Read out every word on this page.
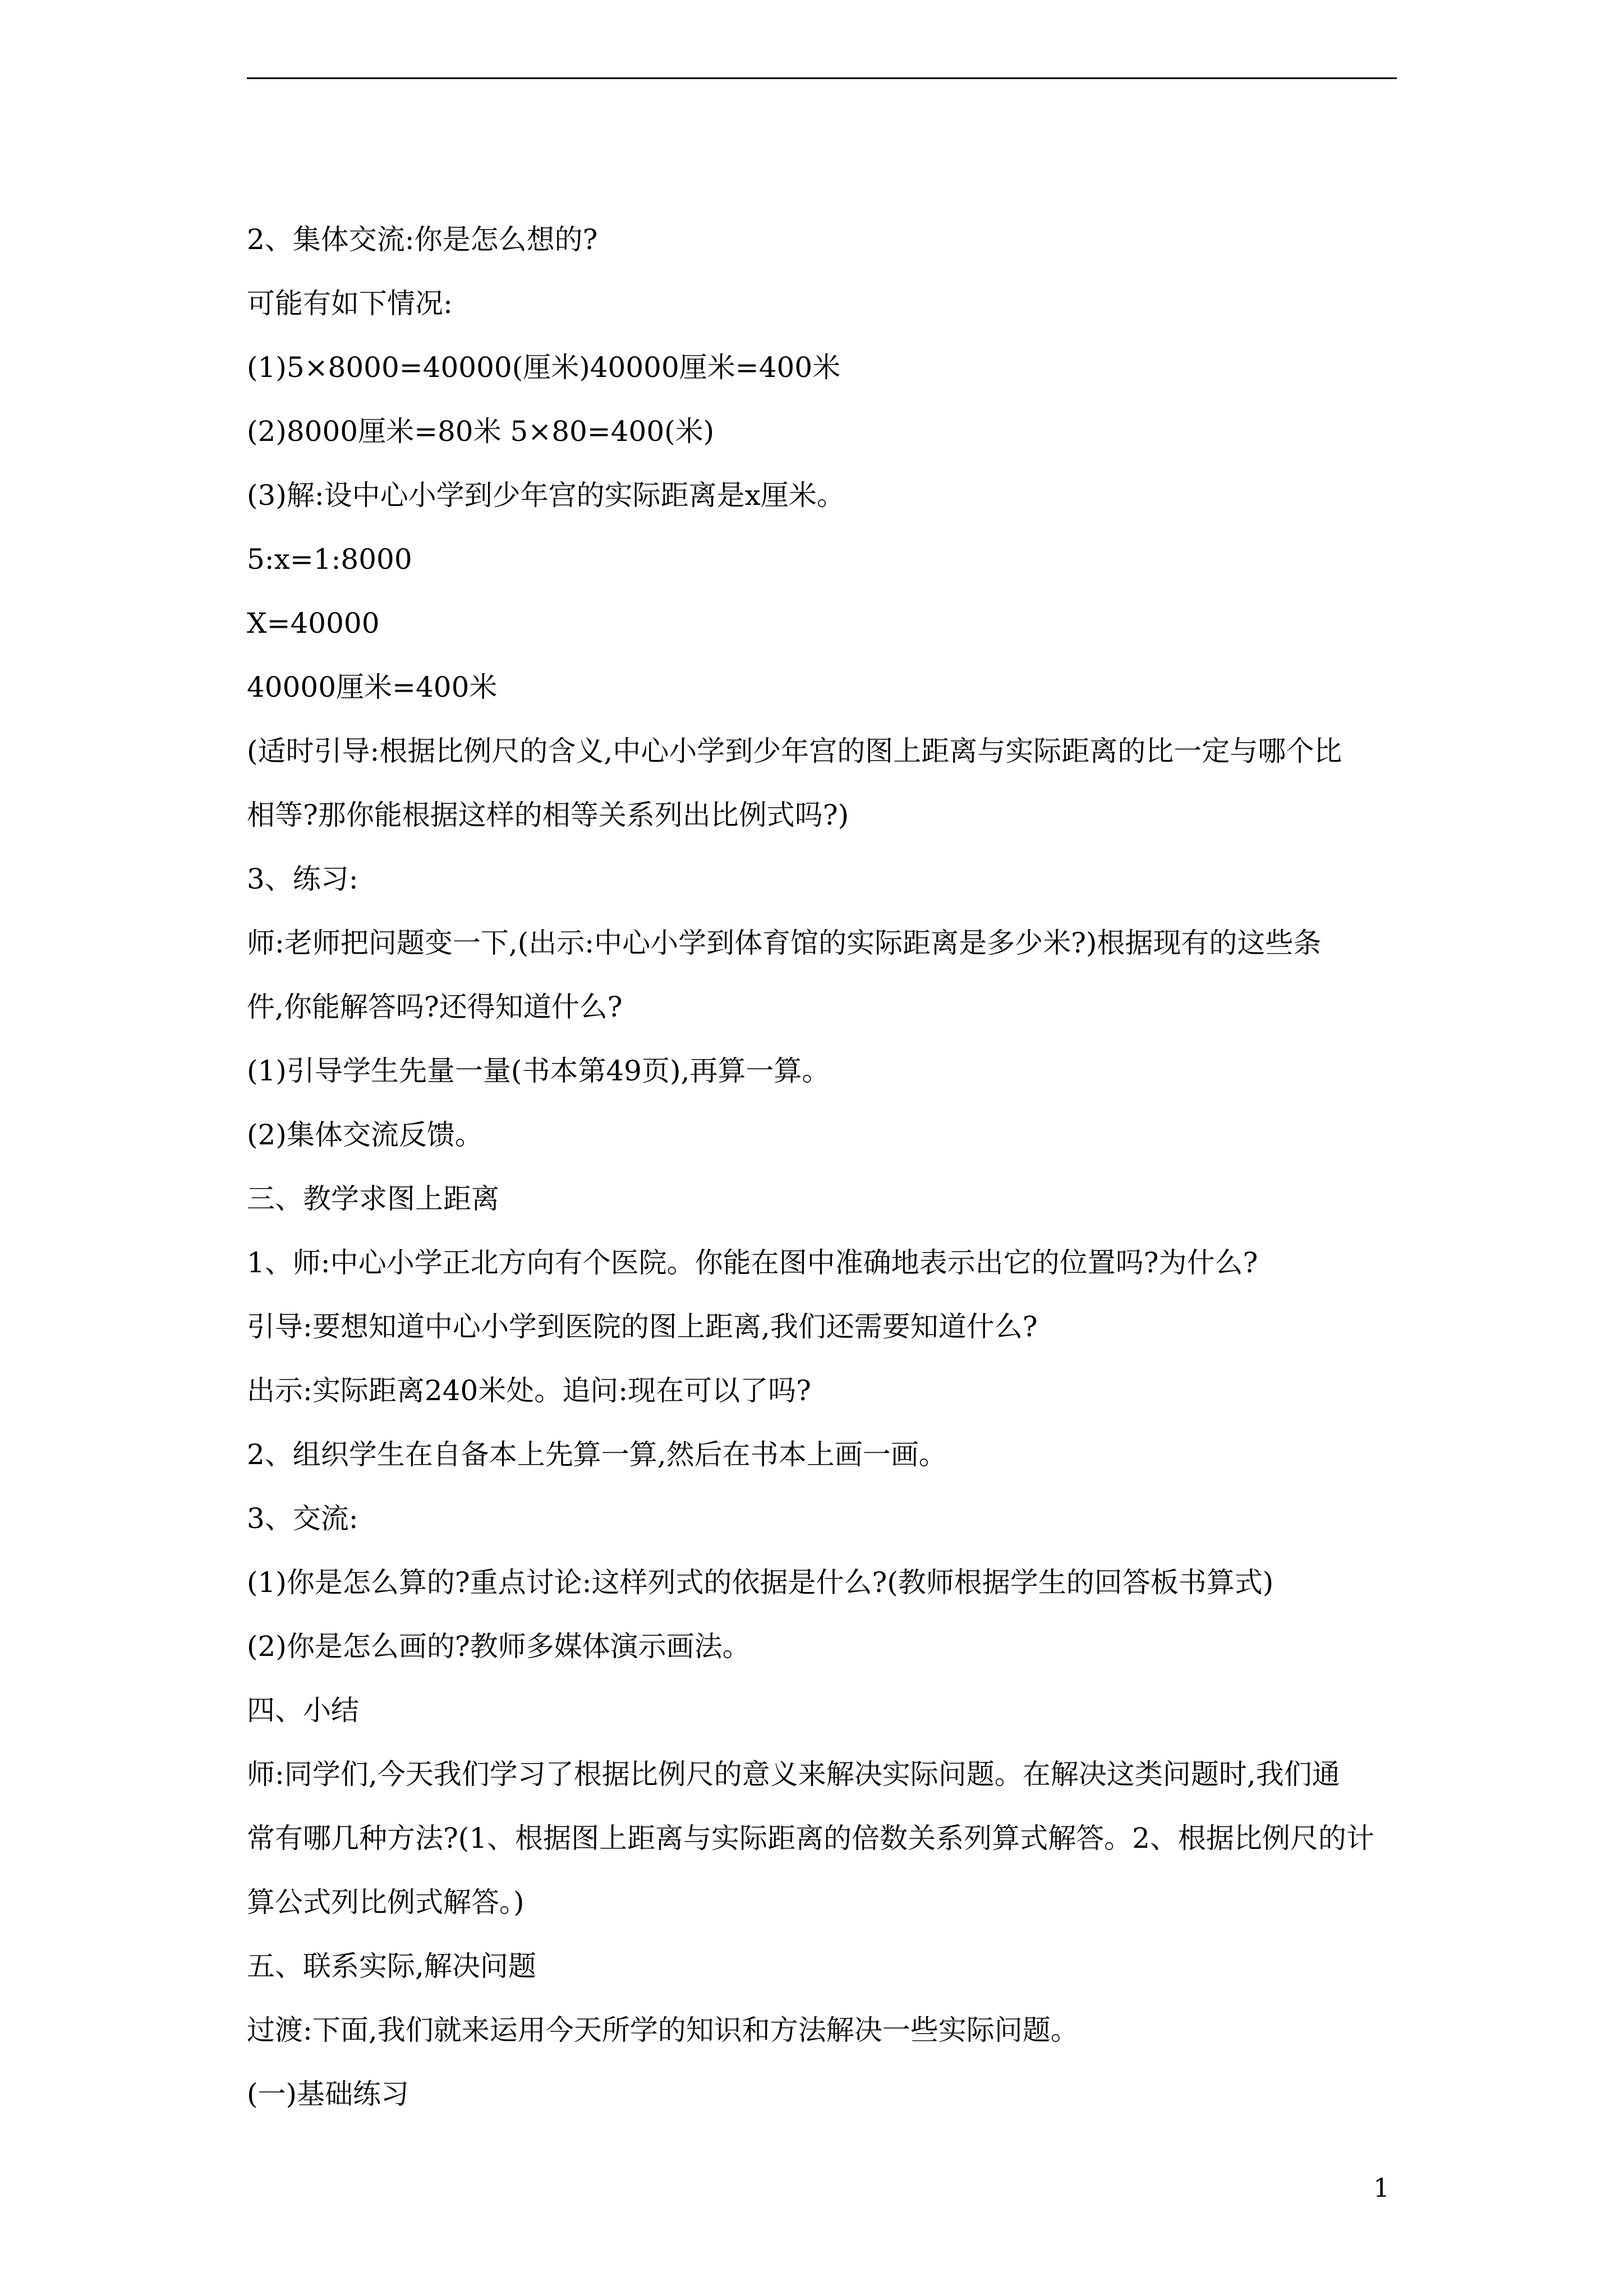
2、集体交流:你是怎么想的?
可能有如下情况:
(1)5×8000=40000(厘米)40000厘米=400米
(2)8000厘米=80米 5×80=400(米)
(3)解:设中心小学到少年宫的实际距离是x厘米。
5:x=1:8000
X=40000
40000厘米=400米
(适时引导:根据比例尺的含义,中心小学到少年宫的图上距离与实际距离的比一定与哪个比
相等?那你能根据这样的相等关系列出比例式吗?)
3、练习:
师:老师把问题变一下,(出示:中心小学到体育馆的实际距离是多少米?)根据现有的这些条
件,你能解答吗?还得知道什么?
(1)引导学生先量一量(书本第49页),再算一算。
(2)集体交流反馈。
三、教学求图上距离
1、师:中心小学正北方向有个医院。你能在图中准确地表示出它的位置吗?为什么?
引导:要想知道中心小学到医院的图上距离,我们还需要知道什么?
出示:实际距离240米处。追问:现在可以了吗?
2、组织学生在自备本上先算一算,然后在书本上画一画。
3、交流:
(1)你是怎么算的?重点讨论:这样列式的依据是什么?(教师根据学生的回答板书算式)
(2)你是怎么画的?教师多媒体演示画法。
四、小结
师:同学们,今天我们学习了根据比例尺的意义来解决实际问题。在解决这类问题时,我们通
常有哪几种方法?(1、根据图上距离与实际距离的倍数关系列算式解答。2、根据比例尺的计
算公式列比例式解答。)
五、联系实际,解决问题
过渡:下面,我们就来运用今天所学的知识和方法解决一些实际问题。
(一)基础练习
1
